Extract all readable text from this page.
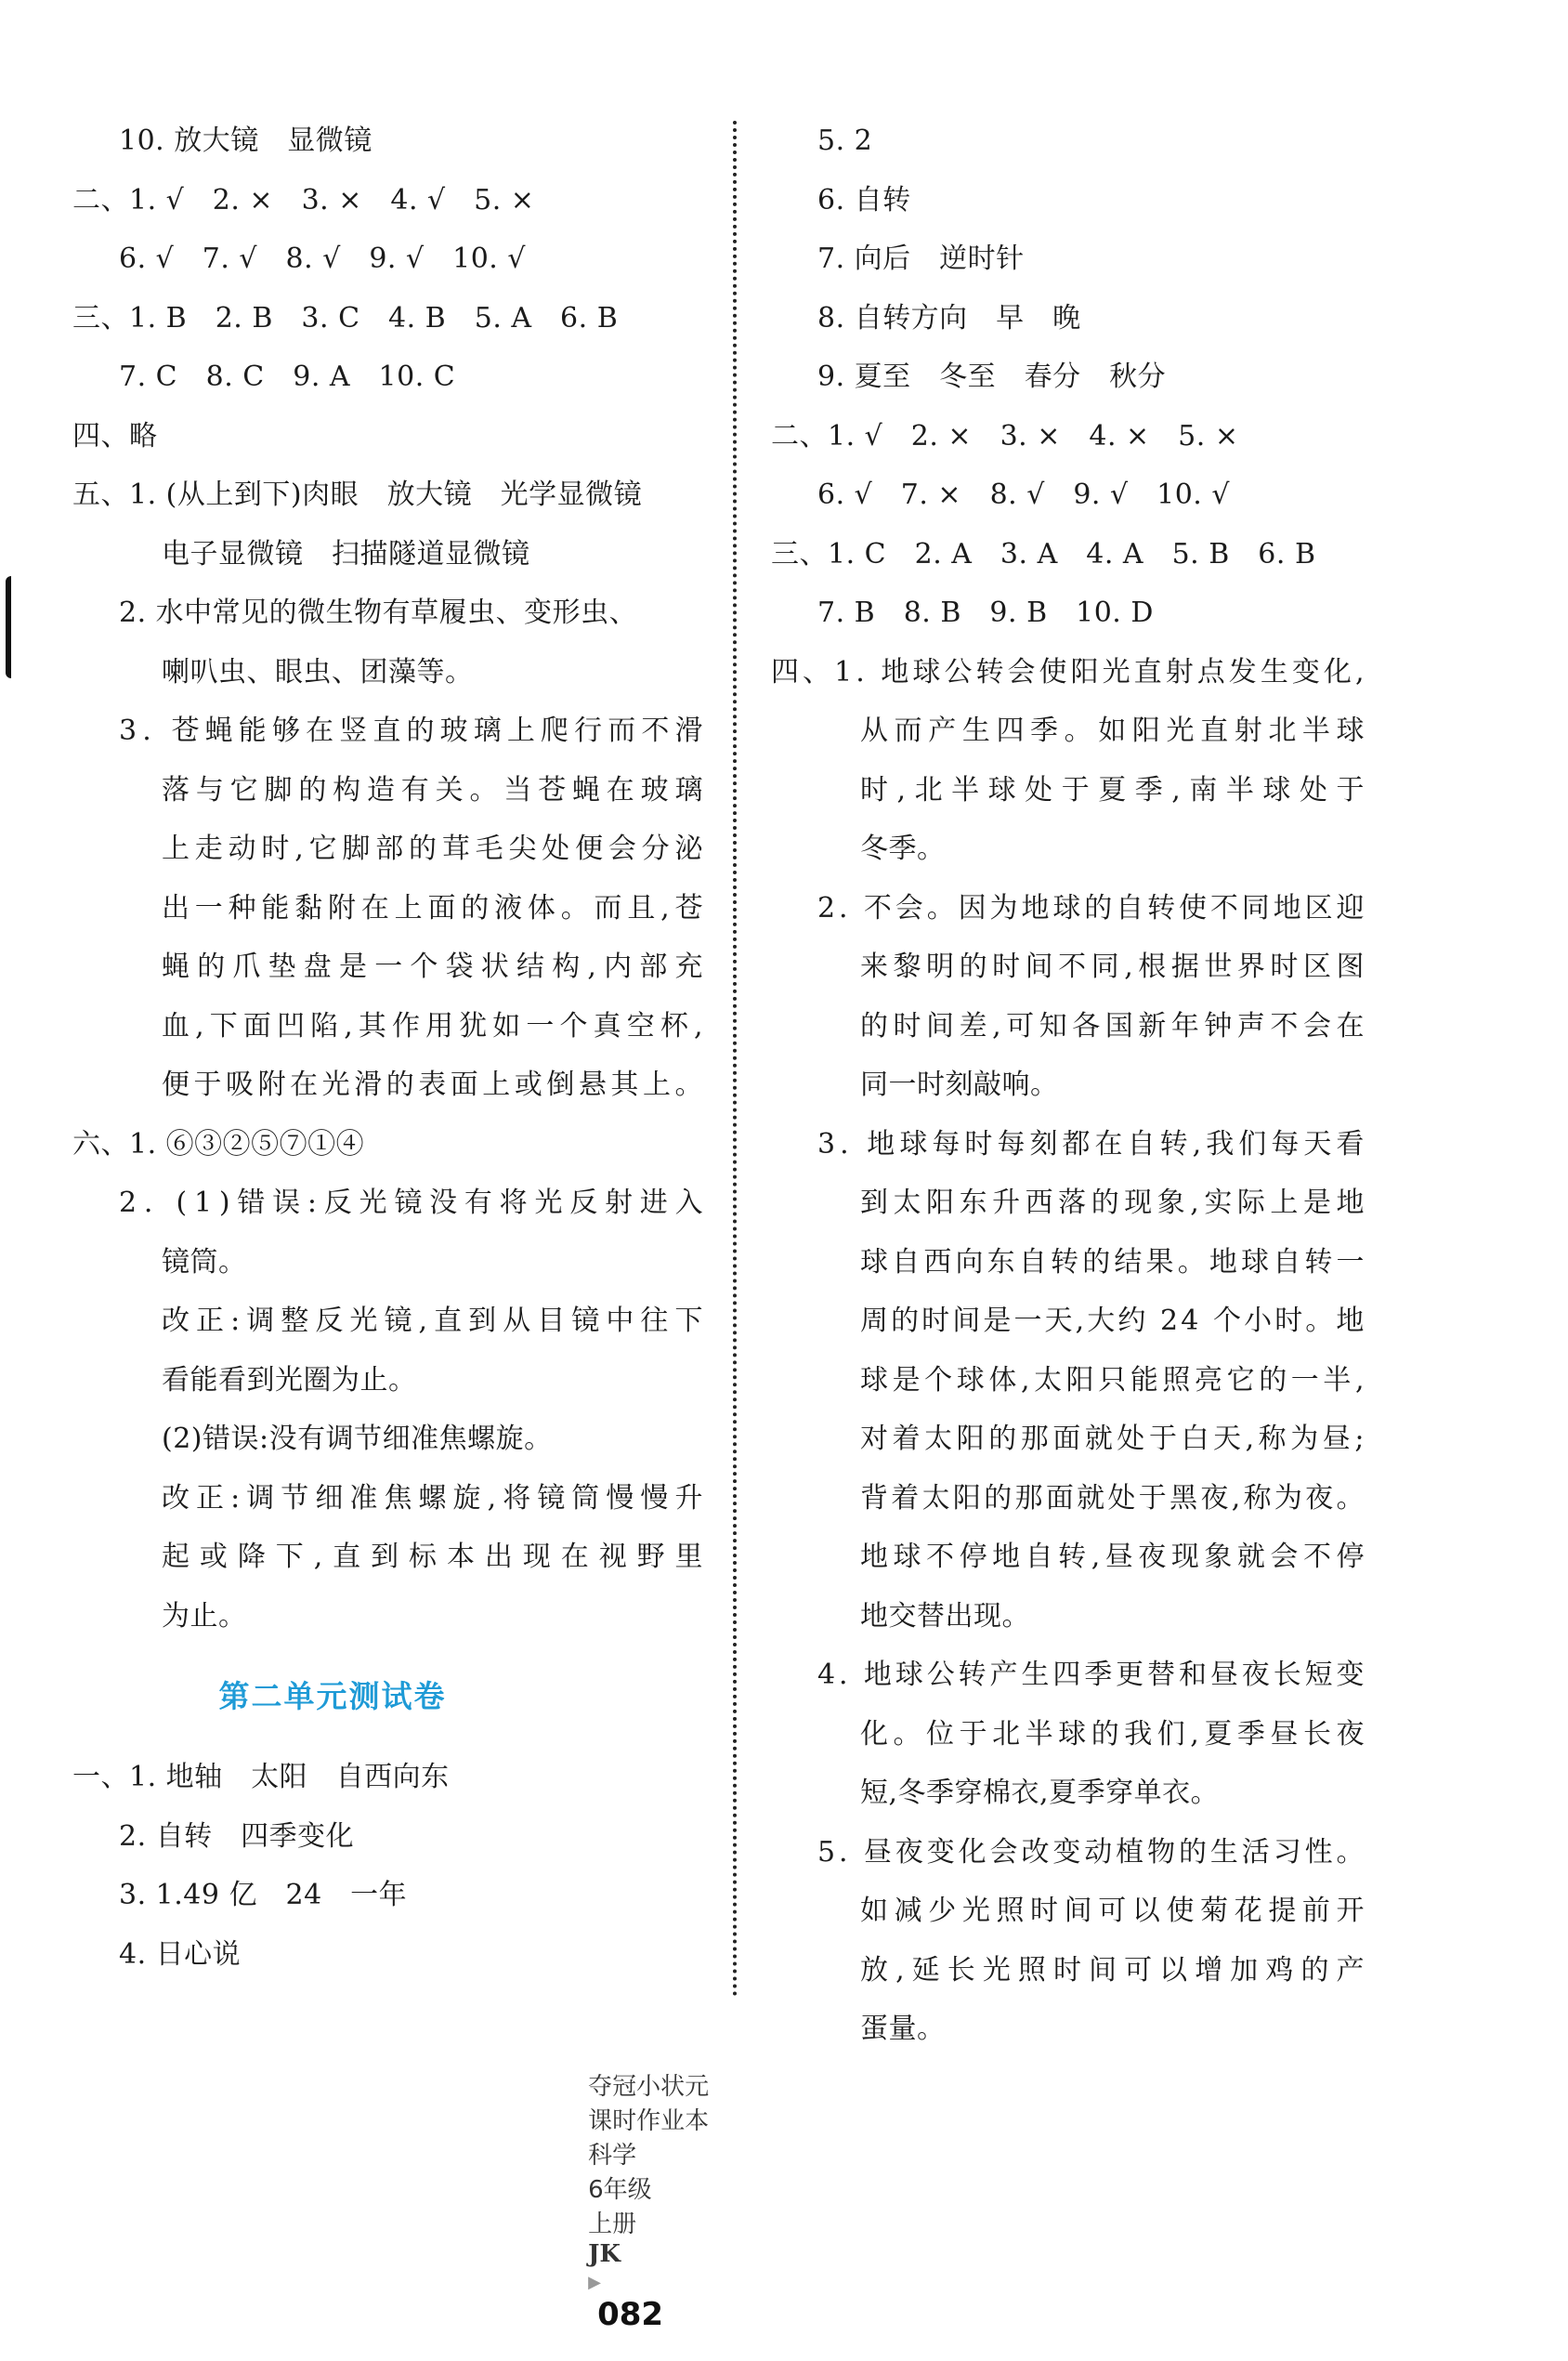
10. 放大镜　显微镜
二、1. √　2. ×　3. ×　4. √　5. ×
6. √　7. √　8. √　9. √　10. √
三、1. B　2. B　3. C　4. B　5. A　6. B
7. C　8. C　9. A　10. C
四、略
五、1. (从上到下)肉眼　放大镜　光学显微镜
电子显微镜　扫描隧道显微镜
2. 水中常见的微生物有草履虫、变形虫、
喇叭虫、眼虫、团藻等。
3. 苍蝇能够在竖直的玻璃上爬行而不滑
落与它脚的构造有关。当苍蝇在玻璃
上走动时,它脚部的茸毛尖处便会分泌
出一种能黏附在上面的液体。而且,苍
蝇的爪垫盘是一个袋状结构,内部充
血,下面凹陷,其作用犹如一个真空杯,
便于吸附在光滑的表面上或倒悬其上。
六、1. ⑥③②⑤⑦①④
2. (1)错误:反光镜没有将光反射进入
镜筒。
改正:调整反光镜,直到从目镜中往下
看能看到光圈为止。
(2)错误:没有调节细准焦螺旋。
改正:调节细准焦螺旋,将镜筒慢慢升
起或降下,直到标本出现在视野里
为止。
第二单元测试卷
一、1. 地轴　太阳　自西向东
2. 自转　四季变化
3. 1.49 亿　24　一年
4. 日心说
5. 2
6. 自转
7. 向后　逆时针
8. 自转方向　早　晚
9. 夏至　冬至　春分　秋分
二、1. √　2. ×　3. ×　4. ×　5. ×
6. √　7. ×　8. √　9. √　10. √
三、1. C　2. A　3. A　4. A　5. B　6. B
7. B　8. B　9. B　10. D
四、1. 地球公转会使阳光直射点发生变化,
从而产生四季。如阳光直射北半球
时,北半球处于夏季,南半球处于
冬季。
2. 不会。因为地球的自转使不同地区迎
来黎明的时间不同,根据世界时区图
的时间差,可知各国新年钟声不会在
同一时刻敲响。
3. 地球每时每刻都在自转,我们每天看
到太阳东升西落的现象,实际上是地
球自西向东自转的结果。地球自转一
周的时间是一天,大约 24 个小时。地
球是个球体,太阳只能照亮它的一半,
对着太阳的那面就处于白天,称为昼;
背着太阳的那面就处于黑夜,称为夜。
地球不停地自转,昼夜现象就会不停
地交替出现。
4. 地球公转产生四季更替和昼夜长短变
化。位于北半球的我们,夏季昼长夜
短,冬季穿棉衣,夏季穿单衣。
5. 昼夜变化会改变动植物的生活习性。
如减少光照时间可以使菊花提前开
放,延长光照时间可以增加鸡的产
蛋量。

夺冠小状元
课时作业本
科学
6年级
上册
JK
▶
082
